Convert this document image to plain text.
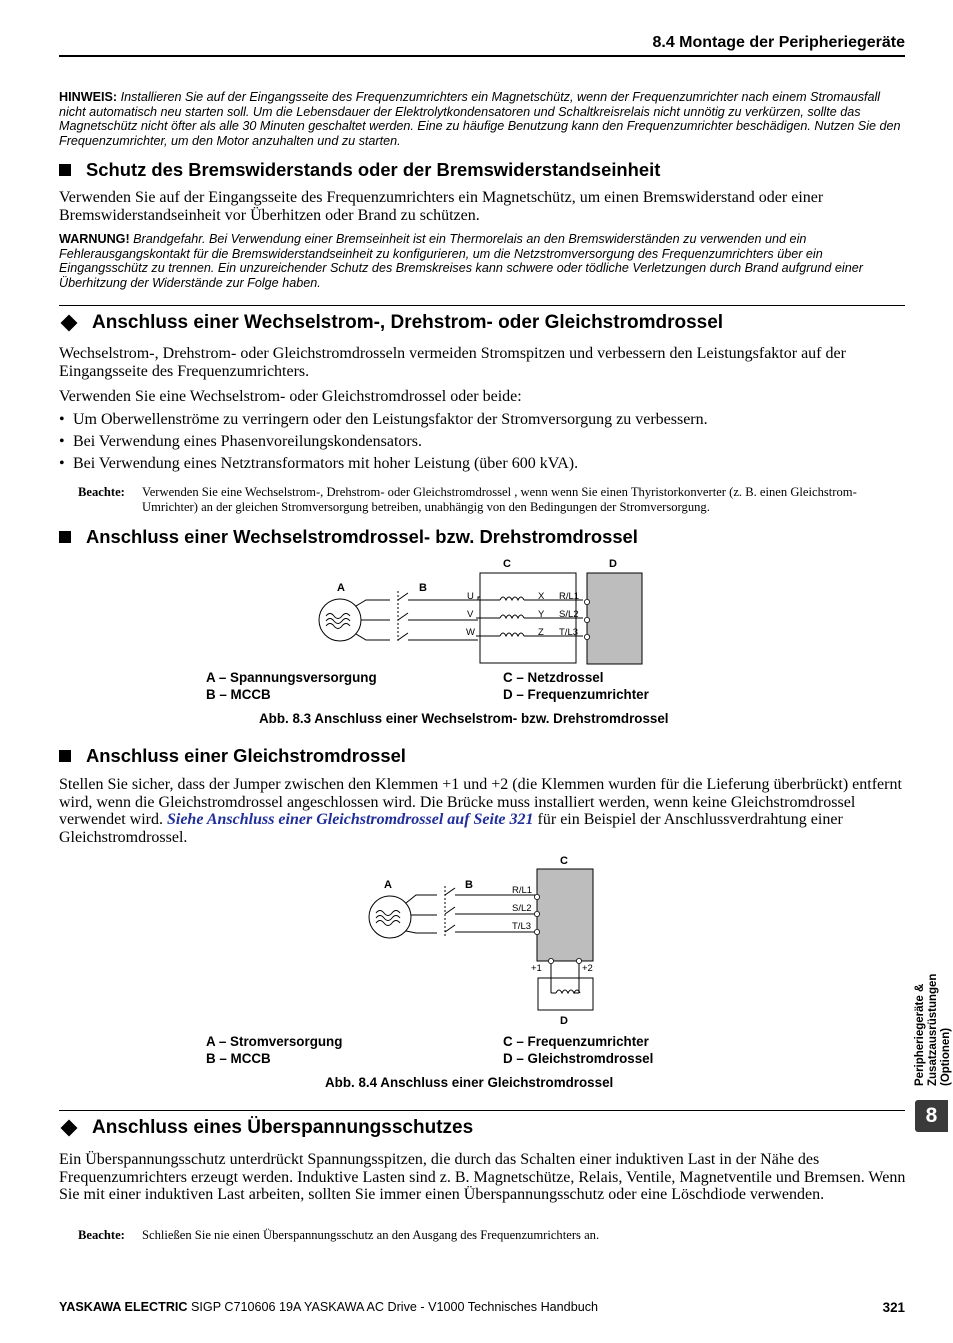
8.4 Montage der Peripheriegeräte
HINWEIS: Installieren Sie auf der Eingangsseite des Frequenzumrichters ein Magnetschütz, wenn der Frequenzumrichter nach einem Stromausfall nicht automatisch neu starten soll. Um die Lebensdauer der Elektrolytkondensatoren und Schaltkreisrelais nicht unnötig zu verkürzen, sollte das Magnetschütz nicht öfter als alle 30 Minuten geschaltet werden. Eine zu häufige Benutzung kann den Frequenzumrichter beschädigen. Nutzen Sie den Frequenzumrichter, um den Motor anzuhalten und zu starten.
Schutz des Bremswiderstands oder der Bremswiderstandseinheit
Verwenden Sie auf der Eingangsseite des Frequenzumrichters ein Magnetschütz, um einen Bremswiderstand oder einer Bremswiderstandseinheit vor Überhitzen oder Brand zu schützen.
WARNUNG! Brandgefahr. Bei Verwendung einer Bremseinheit ist ein Thermorelais an den Bremswiderständen zu verwenden und ein Fehlerausgangskontakt für die Bremswiderstandseinheit zu konfigurieren, um die Netzstromversorgung des Frequenzumrichters über ein Eingangsschütz zu trennen. Ein unzureichender Schutz des Bremskreises kann schwere oder tödliche Verletzungen durch Brand aufgrund einer Überhitzung der Widerstände zur Folge haben.
Anschluss einer Wechselstrom-, Drehstrom- oder Gleichstromdrossel
Wechselstrom-, Drehstrom- oder Gleichstromdrosseln vermeiden Stromspitzen und verbessern den Leistungsfaktor auf der Eingangsseite des Frequenzumrichters.
Verwenden Sie eine Wechselstrom- oder Gleichstromdrossel oder beide:
• Um Oberwellenströme zu verringern oder den Leistungsfaktor der Stromversorgung zu verbessern.
• Bei Verwendung eines Phasenvoreilungskondensators.
• Bei Verwendung eines Netztransformators mit hoher Leistung (über 600 kVA).
Beachte:	Verwenden Sie eine Wechselstrom-, Drehstrom- oder Gleichstromdrossel , wenn wenn Sie einen Thyristorkonverter (z. B. einen Gleichstrom-Umrichter) an der gleichen Stromversorgung betreiben, unabhängig von den Bedingungen der Stromversorgung.
Anschluss einer Wechselstromdrossel- bzw. Drehstromdrossel
A	B
C	D
U
V
W
X
Y
Z
R/L1
S/L2
T/L3
A – Spannungsversorgung
B – MCCB
C – Netzdrossel
D – Frequenzumrichter
Abb. 8.3 Anschluss einer Wechselstrom- bzw. Drehstromdrossel
Anschluss einer Gleichstromdrossel
Stellen Sie sicher, dass der Jumper zwischen den Klemmen +1 und +2 (die Klemmen wurden für die Lieferung überbrückt) entfernt wird, wenn die Gleichstromdrossel angeschlossen wird. Die Brücke muss installiert werden, wenn keine Gleichstromdrossel verwendet wird. Siehe Anschluss einer Gleichstromdrossel auf Seite 321 für ein Beispiel der Anschlussverdrahtung einer Gleichstromdrossel.
A	B
C
D
R/L1
S/L2
T/L3
+1	+2
A – Stromversorgung
B – MCCB
C – Frequenzumrichter
D – Gleichstromdrossel
Abb. 8.4 Anschluss einer Gleichstromdrossel
Anschluss eines Überspannungsschutzes
Ein Überspannungsschutz unterdrückt Spannungsspitzen, die durch das Schalten einer induktiven Last in der Nähe des Frequenzumrichters erzeugt werden. Induktive Lasten sind z. B. Magnetschütze, Relais, Ventile, Magnetventile und Bremsen. Wenn Sie mit einer induktiven Last arbeiten, sollten Sie immer einen Überspannungsschutz oder eine Löschdiode verwenden.
Beachte:	Schließen Sie nie einen Überspannungsschutz an den Ausgang des Frequenzumrichters an.
Peripheriegeräte & Zusatzausrüstungen (Optionen)
8
YASKAWA ELECTRIC SIGP C710606 19A YASKAWA AC Drive - V1000 Technisches Handbuch	321
